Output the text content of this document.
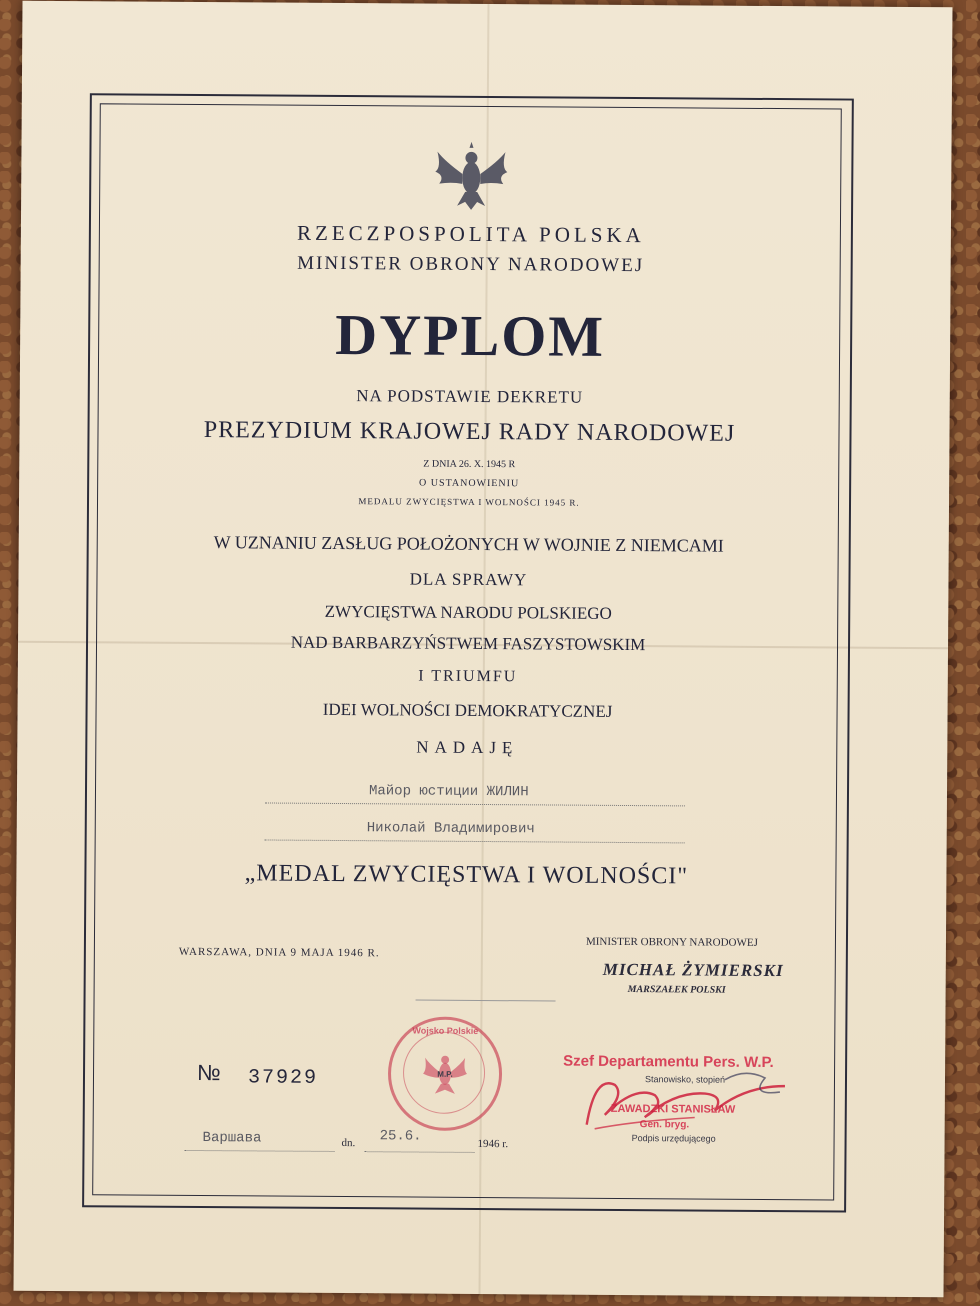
RZECZPOSPOLITA POLSKA
MINISTER OBRONY NARODOWEJ
DYPLOM
NA PODSTAWIE DEKRETU
PREZYDIUM KRAJOWEJ RADY NARODOWEJ
Z DNIA 26. X. 1945 R
O USTANOWIENIU
MEDALU ZWYCIĘSTWA I WOLNOŚCI 1945 R.
W UZNANIU ZASŁUG POŁOŻONYCH W WOJNIE Z NIEMCAMI
DLA SPRAWY
ZWYCIĘSTWA NARODU POLSKIEGO
NAD BARBARZYŃSTWEM FASZYSTOWSKIM
I TRIUMFU
IDEI WOLNOŚCI DEMOKRATYCZNEJ
NADAJĘ
Майор юстиции ЖИЛИН
Николай Владимирович
„MEDAL ZWYCIĘSTWA I WOLNOŚCI"
WARSZAWA, DNIA 9 MAJA 1946 R.
MINISTER OBRONY NARODOWEJ
MICHAŁ ŻYMIERSKI
MARSZAŁEK POLSKI
Wojsko Polskie
M.P.
№ 37929
Szef Departamentu Pers. W.P.
Stanowisko, stopień
ZAWADZKI STANISŁAW
Gen. bryg.
Podpis urzędującego
Варшава	dn. 25.6.	1946 r.
